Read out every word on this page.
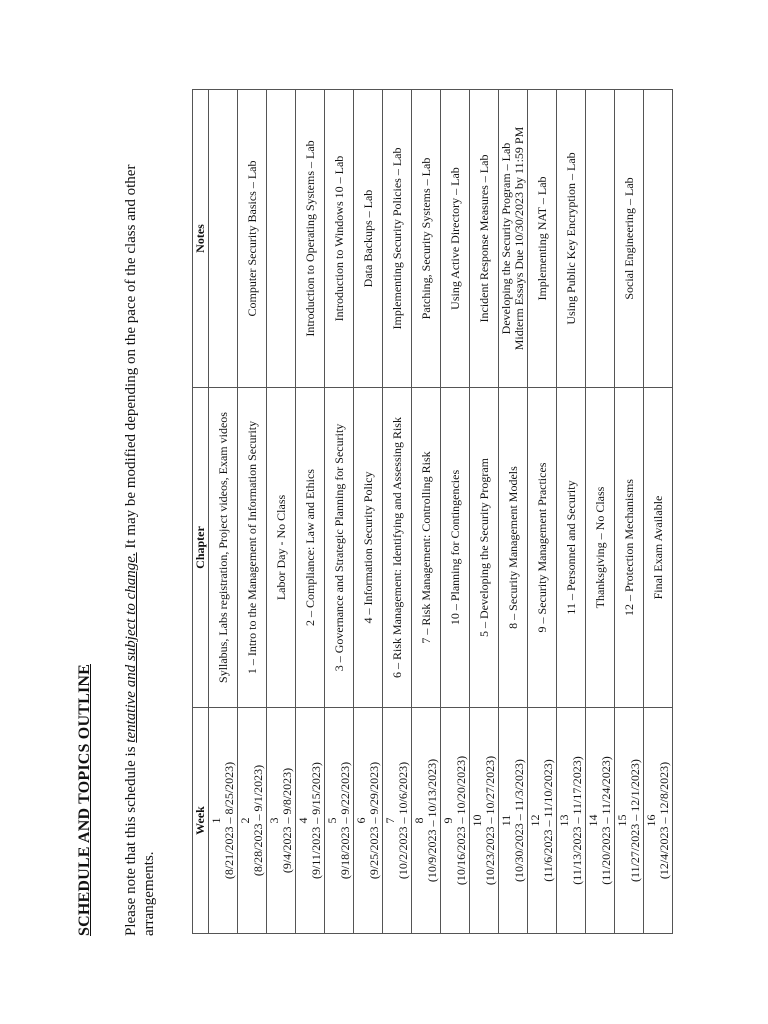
SCHEDULE AND TOPICS OUTLINE Please note that this schedule is tentative and subject to change. It may be modified depending on the pace of the class and other arrangements.
Week	Chapter	Notes

1 (8/21/2023 – 8/25/2023)	Syllabus, Labs registration, Project videos, Exam videos	

2 (8/28/2023 – 9/1/2023)	1 – Intro to the Management of Information Security	Computer Security Basics – Lab

3 (9/4/2023 – 9/8/2023)	Labor Day - No Class	

4 (9/11/2023 – 9/15/2023)	2 – Compliance: Law and Ethics	Introduction to Operating Systems – Lab

5 (9/18/2023 – 9/22/2023)	3 – Governance and Strategic Planning for Security	Introduction to Windows 10 – Lab

6 (9/25/2023 – 9/29/2023)	4 – Information Security Policy	Data Backups – Lab

7 (10/2/2023 – 10/6/2023)	6 – Risk Management: Identifying and Assessing Risk	Implementing Security Policies – Lab

8 (10/9/2023 – 10/13/2023)	7 – Risk Management: Controlling Risk	Patching, Security Systems – Lab

9 (10/16/2023 – 10/20/2023)	10 – Planning for Contingencies	Using Active Directory – Lab

10 (10/23/2023 – 10/27/2023)	5 – Developing the Security Program	Incident Response Measures – Lab

11 (10/30/2023 – 11/3/2023)	8 – Security Management Models	Developing the Security Program – Lab Midterm Essays Due 10/30/2023 by 11:59 PM

12 (11/6/2023 – 11/10/2023)	9 – Security Management Practices	Implementing NAT – Lab

13 (11/13/2023 – 11/17/2023)	11 – Personnel and Security	Using Public Key Encryption – Lab

14 (11/20/2023 – 11/24/2023)	Thanksgiving – No Class	

15 (11/27/2023 – 12/1/2023)	12 – Protection Mechanisms	Social Engineering – Lab

16 (12/4/2023 – 12/8/2023)	Final Exam Available	
